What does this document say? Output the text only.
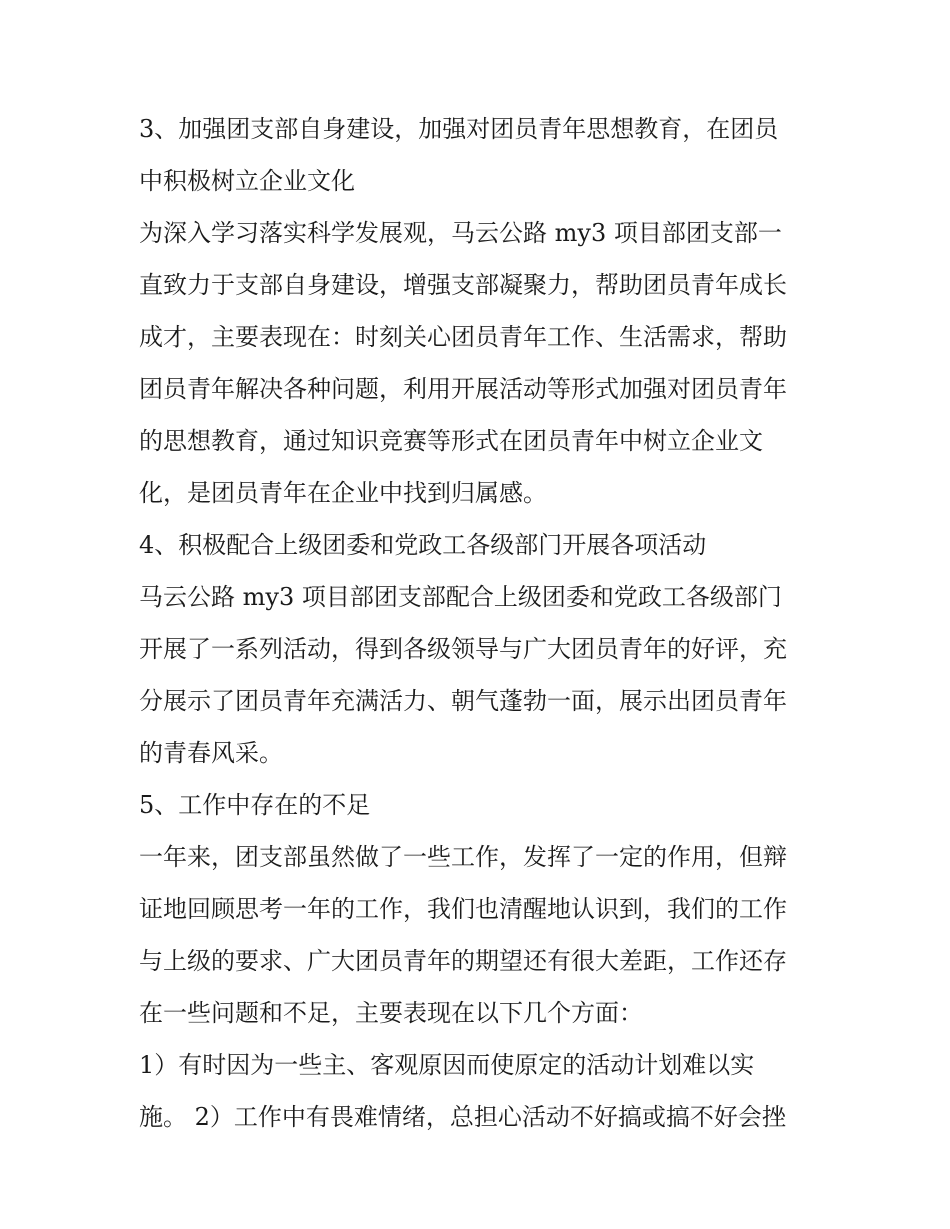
3、加强团支部自身建设，加强对团员青年思想教育，在团员
中积极树立企业文化
为深入学习落实科学发展观，马云公路 my3 项目部团支部一
直致力于支部自身建设，增强支部凝聚力，帮助团员青年成长
成才，主要表现在：时刻关心团员青年工作、生活需求，帮助
团员青年解决各种问题，利用开展活动等形式加强对团员青年
的思想教育，通过知识竞赛等形式在团员青年中树立企业文
化，是团员青年在企业中找到归属感。
4、积极配合上级团委和党政工各级部门开展各项活动
马云公路 my3 项目部团支部配合上级团委和党政工各级部门
开展了一系列活动，得到各级领导与广大团员青年的好评，充
分展示了团员青年充满活力、朝气蓬勃一面，展示出团员青年
的青春风采。
5、工作中存在的不足
一年来，团支部虽然做了一些工作，发挥了一定的作用，但辩
证地回顾思考一年的工作，我们也清醒地认识到，我们的工作
与上级的要求、广大团员青年的期望还有很大差距，工作还存
在一些问题和不足，主要表现在以下几个方面：
1）有时因为一些主、客观原因而使原定的活动计划难以实
施。 2）工作中有畏难情绪，总担心活动不好搞或搞不好会挫
